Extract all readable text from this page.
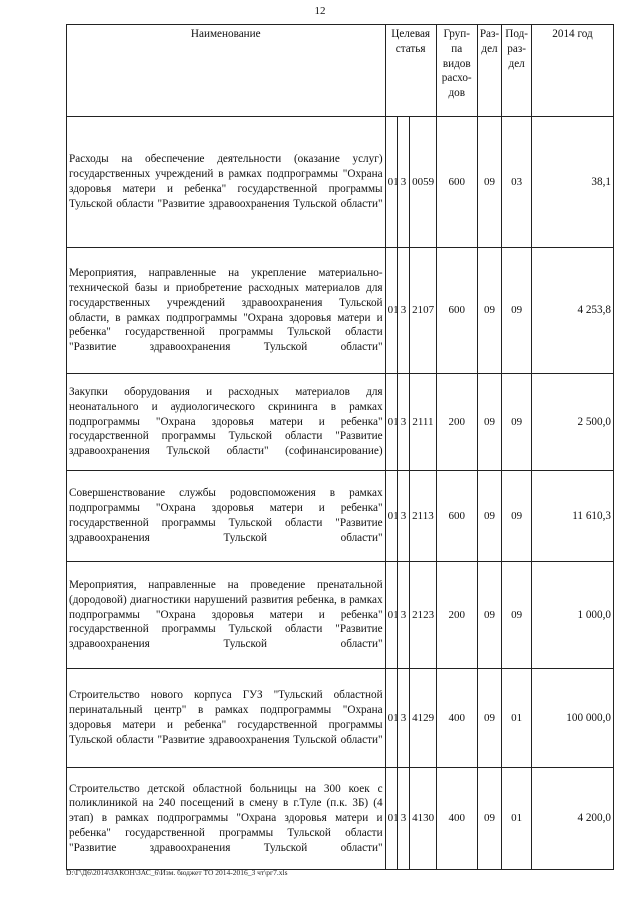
12
Наименование	Целевая статья			Груп-па видов расхо-дов	Раз-дел	Под-раз-дел	2014 год
Расходы на обеспечение деятельности (оказание услуг) государственных учреждений в рамках подпрограммы "Охрана здоровья матери и ребенка" государственной программы Тульской области "Развитие здравоохранения Тульской области"	01	3	0059	600	09	03	38,1
Мероприятия, направленные на укрепление материально-технической базы и приобретение расходных материалов для государственных учреждений здравоохранения Тульской области, в рамках подпрограммы "Охрана здоровья матери и ребенка" государственной программы Тульской области "Развитие здравоохранения Тульской области"	01	3	2107	600	09	09	4 253,8
Закупки оборудования и расходных материалов для неонатального и аудиологического скрининга в рамках подпрограммы "Охрана здоровья матери и ребенка" государственной программы Тульской области "Развитие здравоохранения Тульской области" (софинансирование)	01	3	2111	200	09	09	2 500,0
Совершенствование службы родовспоможения в рамках подпрограммы "Охрана здоровья матери и ребенка" государственной программы Тульской области "Развитие здравоохранения Тульской области"	01	3	2113	600	09	09	11 610,3
Мероприятия, направленные на проведение пренатальной (дородовой) диагностики нарушений развития ребенка, в рамках подпрограммы "Охрана здоровья матери и ребенка" государственной программы Тульской области "Развитие здравоохранения Тульской области"	01	3	2123	200	09	09	1 000,0
Строительство нового корпуса ГУЗ "Тульский областной перинатальный центр" в рамках подпрограммы "Охрана здоровья матери и ребенка" государственной программы Тульской области "Развитие здравоохранения Тульской области"	01	3	4129	400	09	01	100 000,0
Строительство детской областной больницы на 300 коек с поликлиникой на 240 посещений в смену в г.Туле (п.к. 3Б) (4 этап) в рамках подпрограммы "Охрана здоровья матери и ребенка" государственной программы Тульской области "Развитие здравоохранения Тульской области"	01	3	4130	400	09	01	4 200,0
D:\Г\Д6\2014\ЗАКОН\ЗАС_6\Изм. бюджет ТО 2014-2016_3 чт\рг7.xls
